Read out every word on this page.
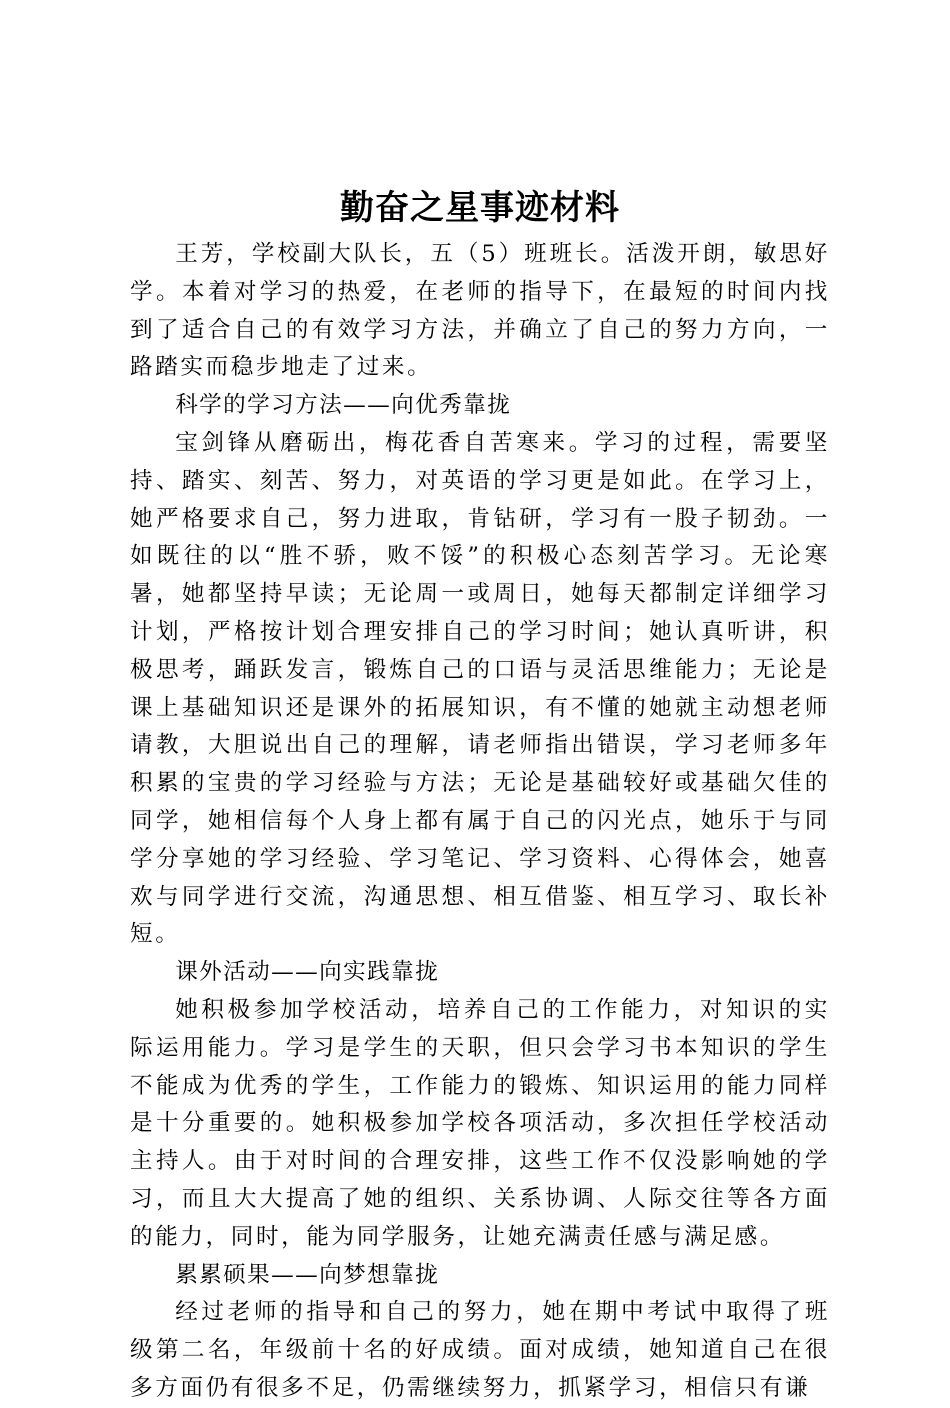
勤奋之星事迹材料

王芳，学校副大队长，五（5）班班长。活泼开朗，敏思好学。本着对学习的热爱，在老师的指导下，在最短的时间内找到了适合自己的有效学习方法，并确立了自己的努力方向，一路踏实而稳步地走了过来。

科学的学习方法——向优秀靠拢

宝剑锋从磨砺出，梅花香自苦寒来。学习的过程，需要坚持、踏实、刻苦、努力，对英语的学习更是如此。在学习上，她严格要求自己，努力进取，肯钻研，学习有一股子韧劲。一如既往的以“胜不骄，败不馁”的积极心态刻苦学习。无论寒暑，她都坚持早读；无论周一或周日，她每天都制定详细学习计划，严格按计划合理安排自己的学习时间；她认真听讲，积极思考，踊跃发言，锻炼自己的口语与灵活思维能力；无论是课上基础知识还是课外的拓展知识，有不懂的她就主动想老师请教，大胆说出自己的理解，请老师指出错误，学习老师多年积累的宝贵的学习经验与方法；无论是基础较好或基础欠佳的同学，她相信每个人身上都有属于自己的闪光点，她乐于与同学分享她的学习经验、学习笔记、学习资料、心得体会，她喜欢与同学进行交流，沟通思想、相互借鉴、相互学习、取长补短。

课外活动——向实践靠拢

她积极参加学校活动，培养自己的工作能力，对知识的实际运用能力。学习是学生的天职，但只会学习书本知识的学生不能成为优秀的学生，工作能力的锻炼、知识运用的能力同样是十分重要的。她积极参加学校各项活动，多次担任学校活动主持人。由于对时间的合理安排，这些工作不仅没影响她的学习，而且大大提高了她的组织、关系协调、人际交往等各方面的能力，同时，能为同学服务，让她充满责任感与满足感。

累累硕果——向梦想靠拢

经过老师的指导和自己的努力，她在期中考试中取得了班级第二名，年级前十名的好成绩。面对成绩，她知道自己在很多方面仍有很多不足，仍需继续努力，抓紧学习，相信只有谦
